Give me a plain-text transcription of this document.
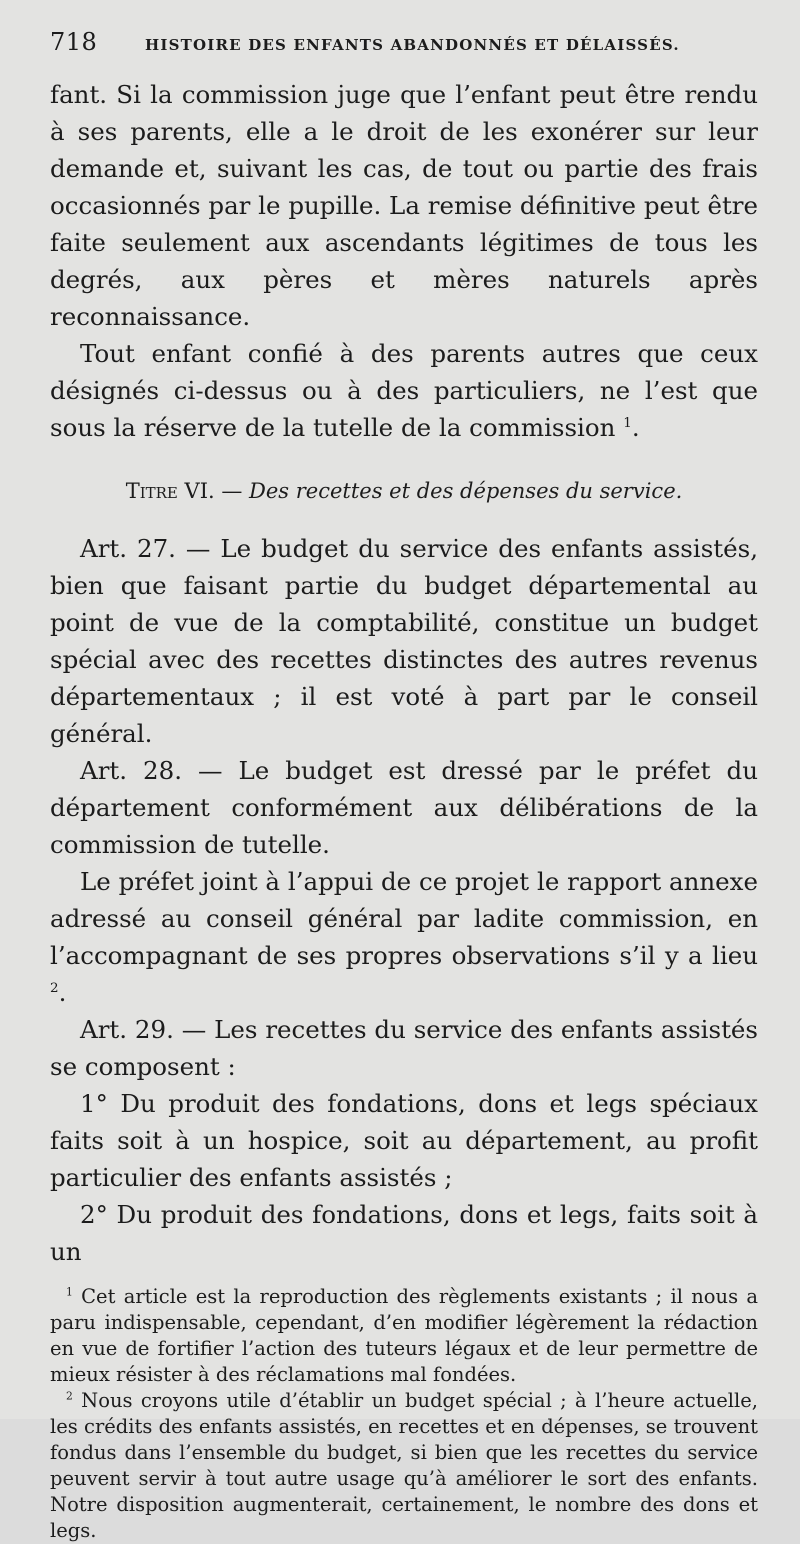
718	HISTOIRE DES ENFANTS ABANDONNÉS ET DÉLAISSÉS.

fant. Si la commission juge que l’enfant peut être rendu à ses parents, elle a le droit de les exonérer sur leur demande et, suivant les cas, de tout ou partie des frais occasionnés par le pupille. La remise définitive peut être faite seulement aux ascendants légitimes de tous les degrés, aux pères et mères naturels après reconnaissance.

Tout enfant confié à des parents autres que ceux désignés ci-dessus ou à des particuliers, ne l’est que sous la réserve de la tutelle de la commission $^1$.

Titre VI. — Des recettes et des dépenses du service.

Art. 27. — Le budget du service des enfants assistés, bien que faisant partie du budget départemental au point de vue de la comptabilité, constitue un budget spécial avec des recettes distinctes des autres revenus départementaux ; il est voté à part par le conseil général.

Art. 28. — Le budget est dressé par le préfet du département conformément aux délibérations de la commission de tutelle.

Le préfet joint à l’appui de ce projet le rapport annexe adressé au conseil général par ladite commission, en l’accompagnant de ses propres observations s’il y a lieu $^2$.

Art. 29. — Les recettes du service des enfants assistés se composent :

1° Du produit des fondations, dons et legs spéciaux faits soit à un hospice, soit au département, au profit particulier des enfants assistés ;

2° Du produit des fondations, dons et legs, faits soit à un

$^1$ Cet article est la reproduction des règlements existants ; il nous a paru indispensable, cependant, d’en modifier légèrement la rédaction en vue de fortifier l’action des tuteurs légaux et de leur permettre de mieux résister à des réclamations mal fondées.

$^2$ Nous croyons utile d’établir un budget spécial ; à l’heure actuelle, les crédits des enfants assistés, en recettes et en dépenses, se trouvent fondus dans l’ensemble du budget, si bien que les recettes du service peuvent servir à tout autre usage qu’à améliorer le sort des enfants. Notre disposition augmenterait, certainement, le nombre des dons et legs.
